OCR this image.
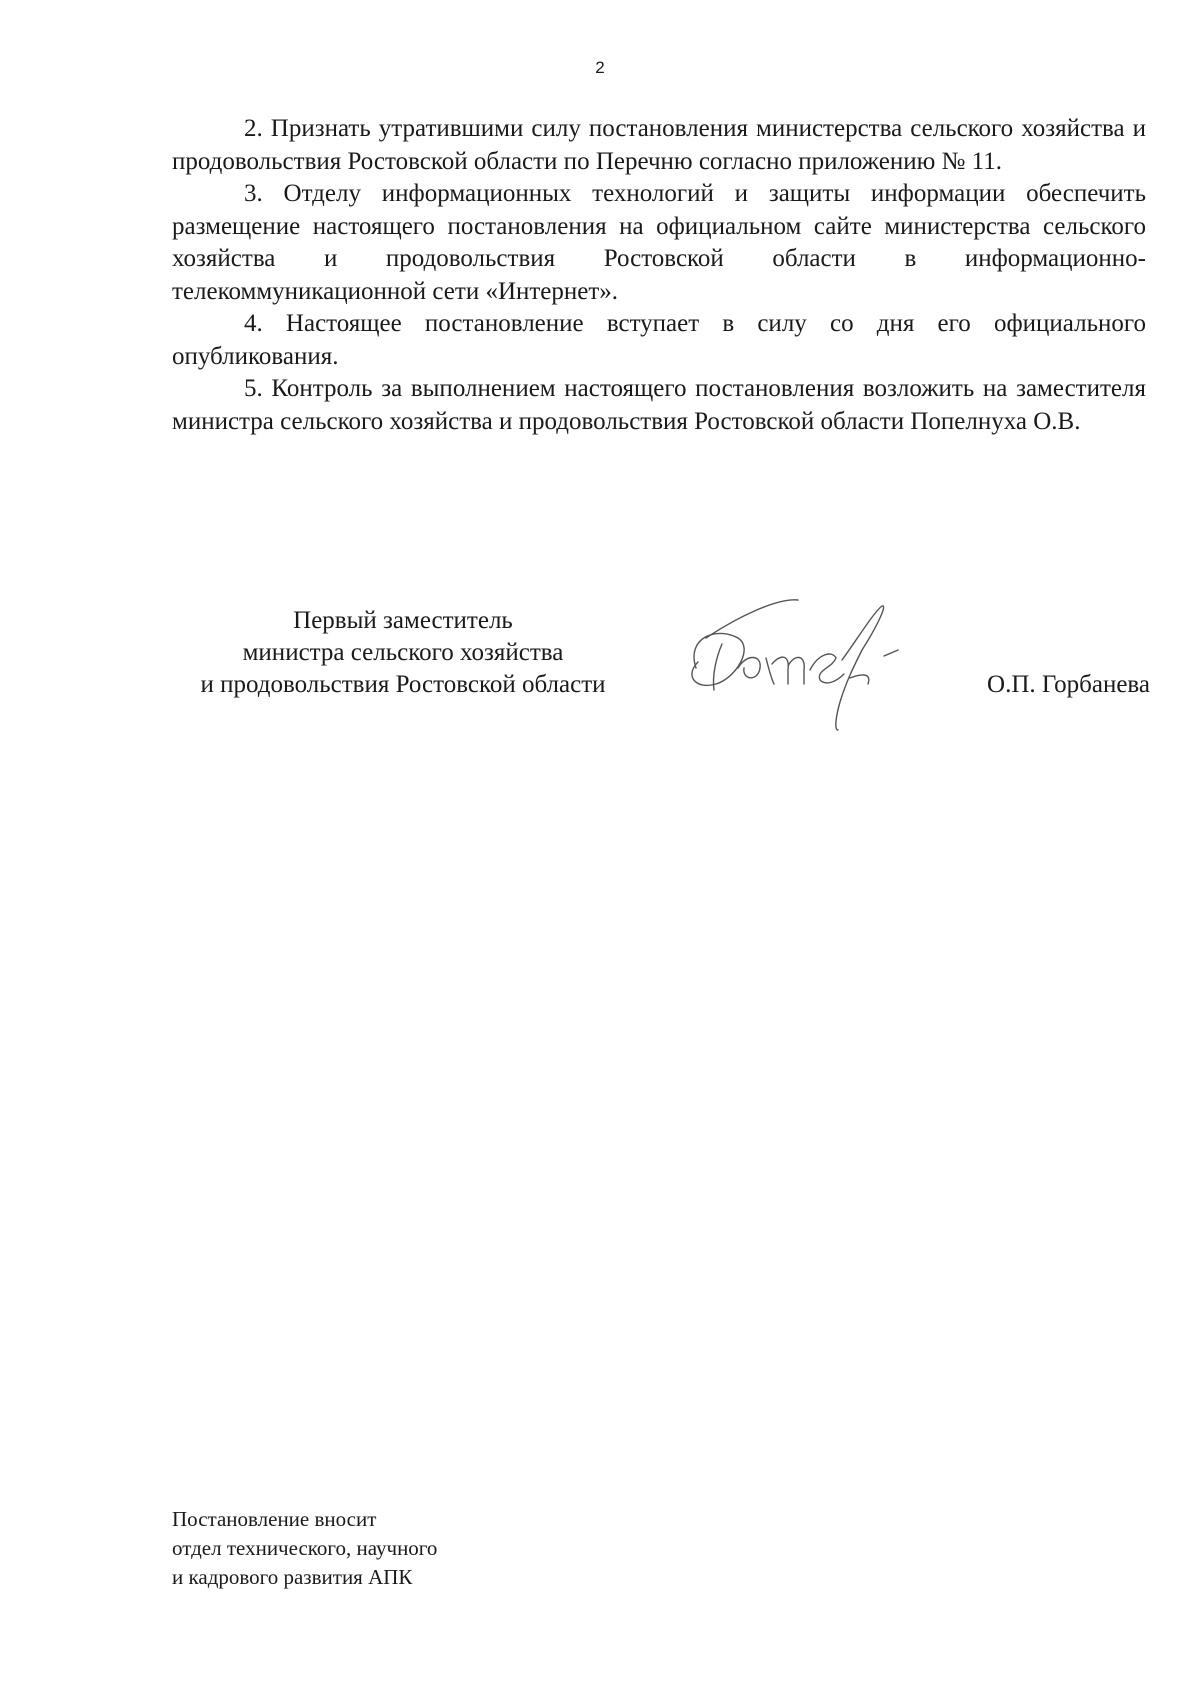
2

2. Признать утратившими силу постановления министерства сельского хозяйства и продовольствия Ростовской области по Перечню согласно приложению № 11.

3. Отделу информационных технологий и защиты информации обеспечить размещение настоящего постановления на официальном сайте министерства сельского хозяйства и продовольствия Ростовской области в информационно-телекоммуникационной сети «Интернет».

4. Настоящее постановление вступает в силу со дня его официального опубликования.

5. Контроль за выполнением настоящего постановления возложить на заместителя министра сельского хозяйства и продовольствия Ростовской области Попелнуха О.В.

Первый заместитель
министра сельского хозяйства
и продовольствия Ростовской области	О.П. Горбанева
Постановление вносит
отдел технического, научного
и кадрового развития АПК
